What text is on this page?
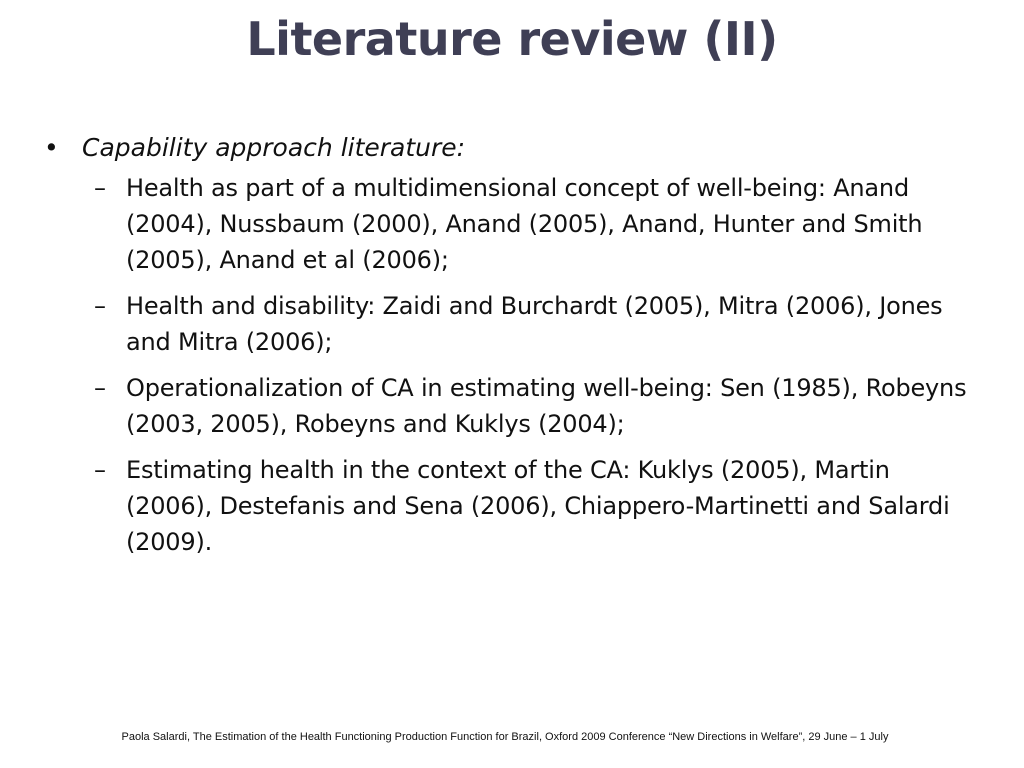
Literature review (II)
• Capability approach literature:
– Health as part of a multidimensional concept of well-being: Anand (2004), Nussbaum (2000), Anand (2005), Anand, Hunter and Smith (2005), Anand et al (2006);
– Health and disability: Zaidi and Burchardt (2005), Mitra (2006), Jones and Mitra (2006);
– Operationalization of CA in estimating well-being: Sen (1985), Robeyns (2003, 2005), Robeyns and Kuklys (2004);
– Estimating health in the context of the CA: Kuklys (2005), Martin (2006), Destefanis and Sena (2006), Chiappero-Martinetti and Salardi (2009).
Paola Salardi, The Estimation of the Health Functioning Production Function for Brazil, Oxford 2009 Conference “New Directions in Welfare”, 29 June – 1 July
